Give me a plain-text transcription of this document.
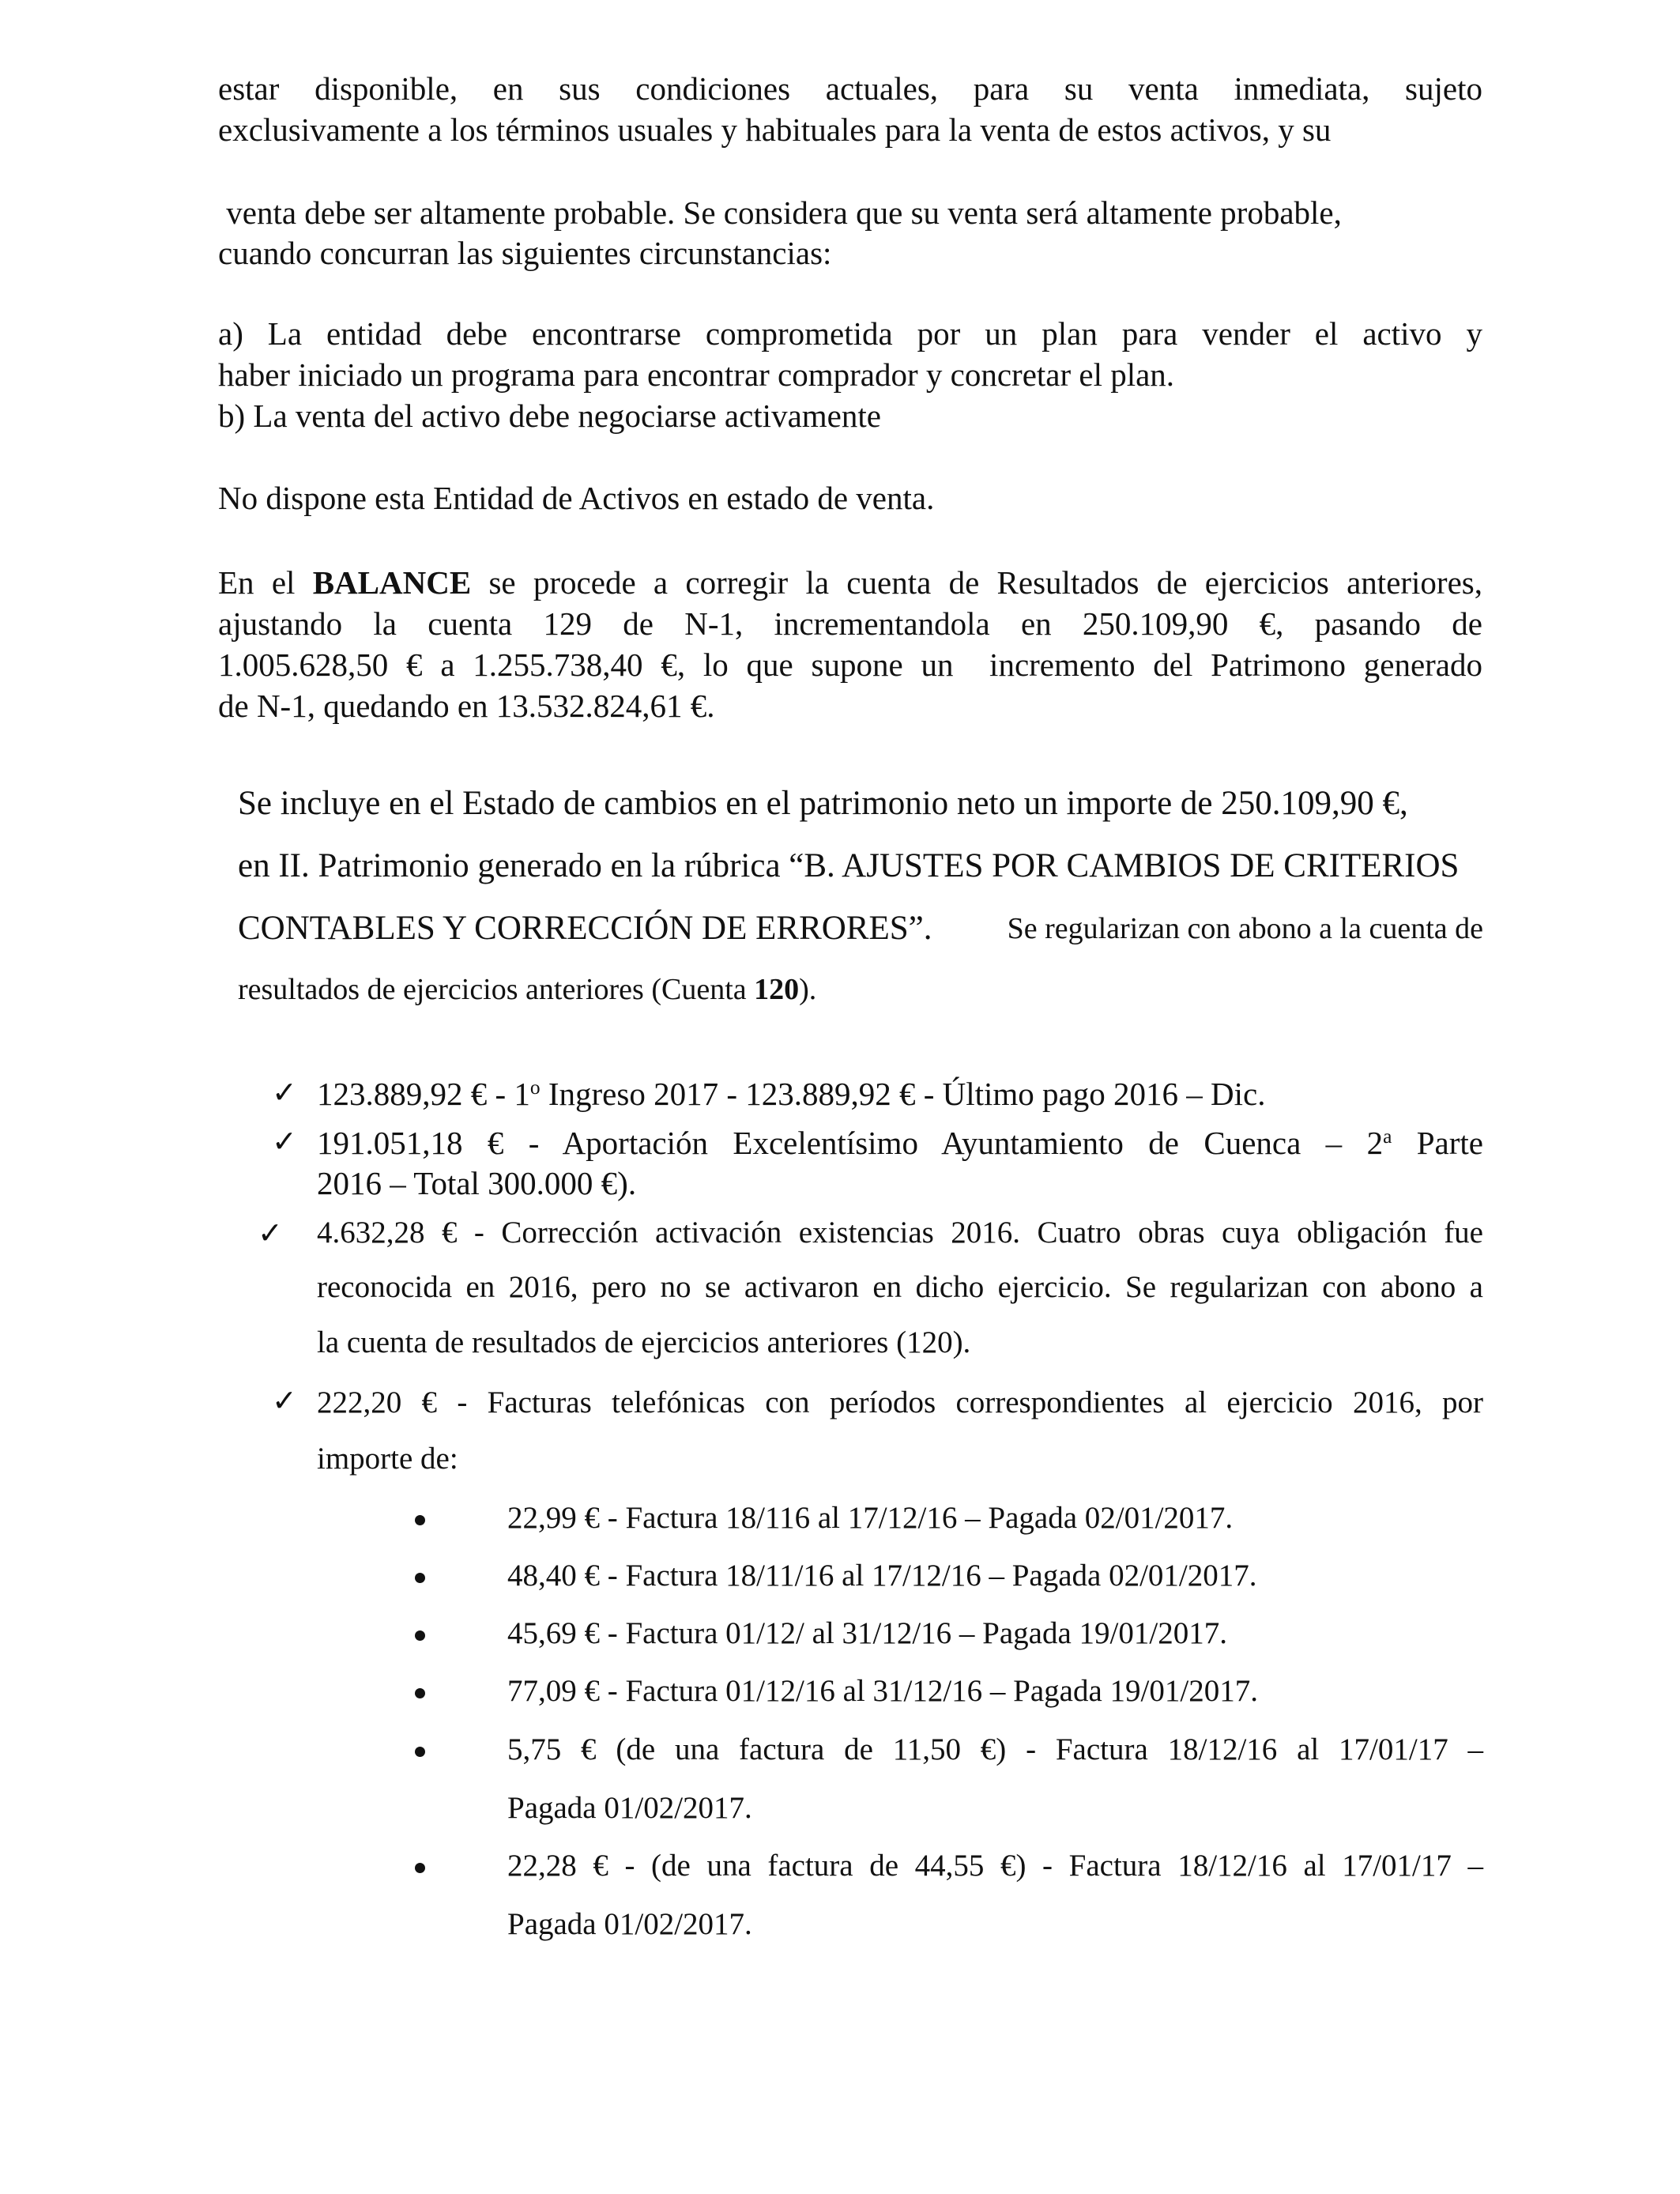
estar disponible, en sus condiciones actuales, para su venta inmediata, sujeto
exclusivamente a los términos usuales y habituales para la venta de estos activos, y su
venta debe ser altamente probable. Se considera que su venta será altamente probable,
cuando concurran las siguientes circunstancias:
a) La entidad debe encontrarse comprometida por un plan para vender el activo y
haber iniciado un programa para encontrar comprador y concretar el plan.
b) La venta del activo debe negociarse activamente
No dispone esta Entidad de Activos en estado de venta.
En el BALANCE se procede a corregir la cuenta de Resultados de ejercicios anteriores,
ajustando la cuenta 129 de N-1, incrementandola en 250.109,90 €, pasando de
1.005.628,50 € a 1.255.738,40 €, lo que supone un  incremento del Patrimono generado
de N-1, quedando en 13.532.824,61 €.
Se incluye en el Estado de cambios en el patrimonio neto un importe de 250.109,90 €,
en II. Patrimonio generado en la rúbrica “B. AJUSTES POR CAMBIOS DE CRITERIOS
CONTABLES Y CORRECCIÓN DE ERRORES”. Se regularizan con abono a la cuenta de
resultados de ejercicios anteriores (Cuenta 120).
✓ 123.889,92 € - 1$^o$ Ingreso 2017 - 123.889,92 € - Último pago 2016 – Dic.
✓ 191.051,18 € - Aportación Excelentísimo Ayuntamiento de Cuenca – 2$^a$ Parte
2016 – Total 300.000 €).
✓ 4.632,28 € - Corrección activación existencias 2016. Cuatro obras cuya obligación fue
reconocida en 2016, pero no se activaron en dicho ejercicio. Se regularizan con abono a
la cuenta de resultados de ejercicios anteriores (120).
✓ 222,20 € - Facturas telefónicas con períodos correspondientes al ejercicio 2016, por
importe de:
22,99 € - Factura 18/116 al 17/12/16 – Pagada 02/01/2017.
48,40 € - Factura 18/11/16 al 17/12/16 – Pagada 02/01/2017.
45,69 € - Factura 01/12/ al 31/12/16 – Pagada 19/01/2017.
77,09 € - Factura 01/12/16 al 31/12/16 – Pagada 19/01/2017.
5,75 € (de una factura de 11,50 €) - Factura 18/12/16 al 17/01/17 –
Pagada 01/02/2017.
22,28 € - (de una factura de 44,55 €) - Factura 18/12/16 al 17/01/17 –
Pagada 01/02/2017.
